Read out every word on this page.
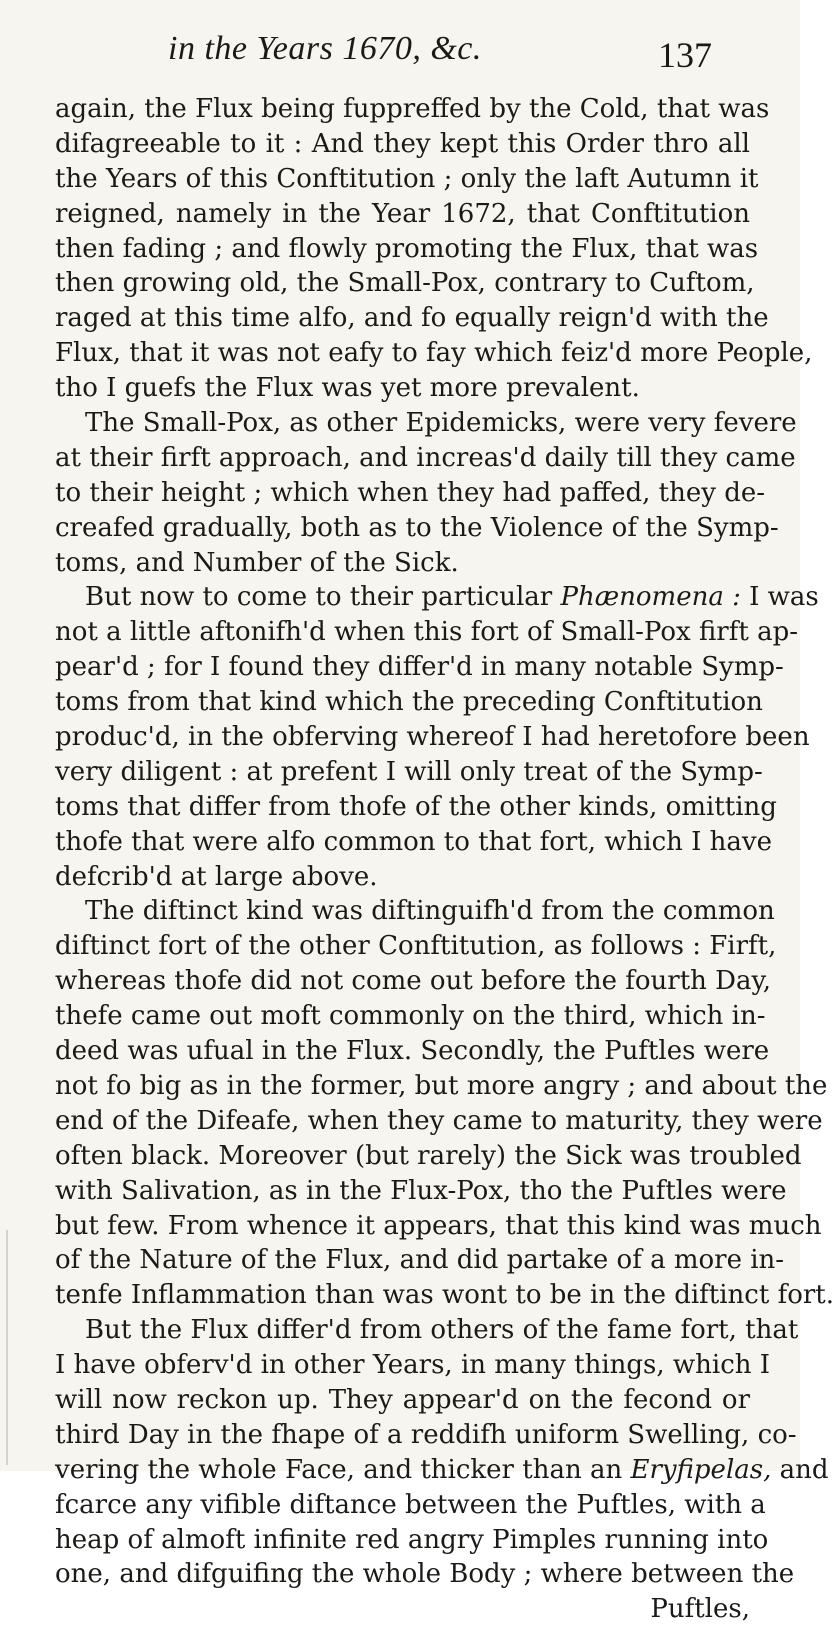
in the Years 1670, &c.	137
again, the Flux being fuppreffed by the Cold, that was
difagreeable to it : And they kept this Order thro all
the Years of this Conftitution ; only the laft Autumn it
reigned, namely in the Year 1672, that Conftitution
then fading ; and flowly promoting the Flux, that was
then growing old, the Small-Pox, contrary to Cuftom,
raged at this time alfo, and fo equally reign'd with the
Flux, that it was not eafy to fay which feiz'd more People,
tho I guefs the Flux was yet more prevalent.
The Small-Pox, as other Epidemicks, were very fevere
at their firft approach, and increas'd daily till they came
to their height ; which when they had paffed, they de-
creafed gradually, both as to the Violence of the Symp-
toms, and Number of the Sick.
But now to come to their particular Phænomena : I was
not a little aftonifh'd when this fort of Small-Pox firft ap-
pear'd ; for I found they differ'd in many notable Symp-
toms from that kind which the preceding Conftitution
produc'd, in the obferving whereof I had heretofore been
very diligent : at prefent I will only treat of the Symp-
toms that differ from thofe of the other kinds, omitting
thofe that were alfo common to that fort, which I have
defcrib'd at large above.
The diftinct kind was diftinguifh'd from the common
diftinct fort of the other Conftitution, as follows : Firft,
whereas thofe did not come out before the fourth Day,
thefe came out moft commonly on the third, which in-
deed was ufual in the Flux. Secondly, the Puftles were
not fo big as in the former, but more angry ; and about the
end of the Difeafe, when they came to maturity, they were
often black. Moreover (but rarely) the Sick was troubled
with Salivation, as in the Flux-Pox, tho the Puftles were
but few. From whence it appears, that this kind was much
of the Nature of the Flux, and did partake of a more in-
tenfe Inflammation than was wont to be in the diftinct fort.
But the Flux differ'd from others of the fame fort, that
I have obferv'd in other Years, in many things, which I
will now reckon up. They appear'd on the fecond or
third Day in the fhape of a reddifh uniform Swelling, co-
vering the whole Face, and thicker than an Eryfipelas, and
fcarce any vifible diftance between the Puftles, with a
heap of almoft infinite red angry Pimples running into
one, and difguifing the whole Body ; where between the
Puftles,
